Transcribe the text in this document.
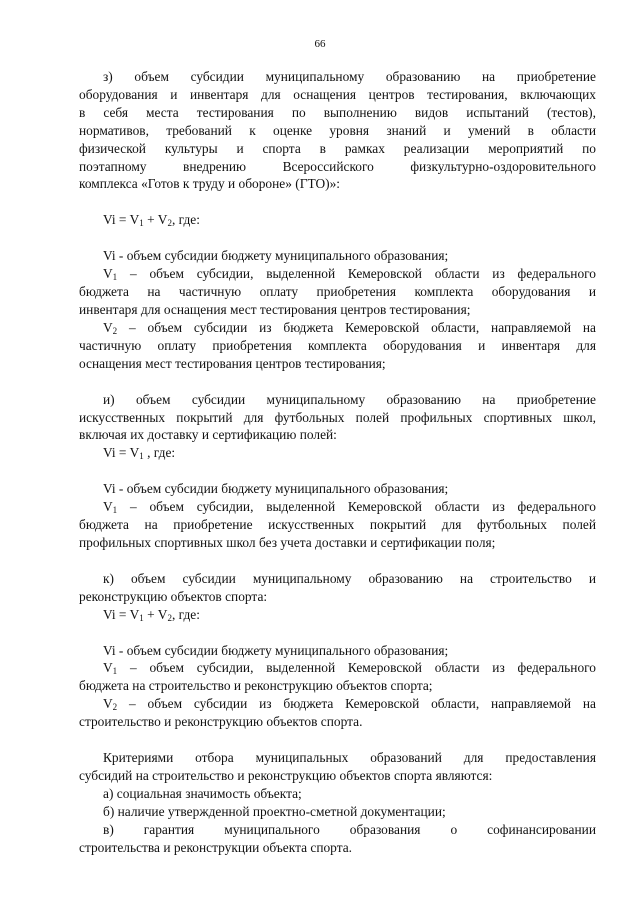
66
з) объем субсидии муниципальному образованию на приобретение
оборудования и инвентаря для оснащения центров тестирования, включающих
в себя места тестирования по выполнению видов испытаний (тестов),
нормативов, требований к оценке уровня знаний и умений в области
физической культуры и спорта в рамках реализации мероприятий по
поэтапному внедрению Всероссийского физкультурно-оздоровительного
комплекса «Готов к труду и обороне» (ГТО)»:
$Vi = V_1 + V_2$, где:
Vi - объем субсидии бюджету муниципального образования;
$V_1$ – объем субсидии, выделенной Кемеровской области из федерального
бюджета на частичную оплату приобретения комплекта оборудования и
инвентаря для оснащения мест тестирования центров тестирования;
$V_2$ – объем субсидии из бюджета Кемеровской области, направляемой на
частичную оплату приобретения комплекта оборудования и инвентаря для
оснащения мест тестирования центров тестирования;
и) объем субсидии муниципальному образованию на приобретение
искусственных покрытий для футбольных полей профильных спортивных школ,
включая их доставку и сертификацию полей:
$Vi = V_1$ , где:
Vi - объем субсидии бюджету муниципального образования;
$V_1$ – объем субсидии, выделенной Кемеровской области из федерального
бюджета на приобретение искусственных покрытий для футбольных полей
профильных спортивных школ без учета доставки и сертификации поля;
к) объем субсидии муниципальному образованию на строительство и
реконструкцию объектов спорта:
$Vi = V_1 + V_2$, где:
Vi - объем субсидии бюджету муниципального образования;
$V_1$ – объем субсидии, выделенной Кемеровской области из федерального
бюджета на строительство и реконструкцию объектов спорта;
$V_2$ – объем субсидии из бюджета Кемеровской области, направляемой на
строительство и реконструкцию объектов спорта.
Критериями отбора муниципальных образований для предоставления
субсидий на строительство и реконструкцию объектов спорта являются:
а) социальная значимость объекта;
б) наличие утвержденной проектно-сметной документации;
в) гарантия муниципального образования о софинансировании
строительства и реконструкции объекта спорта.
